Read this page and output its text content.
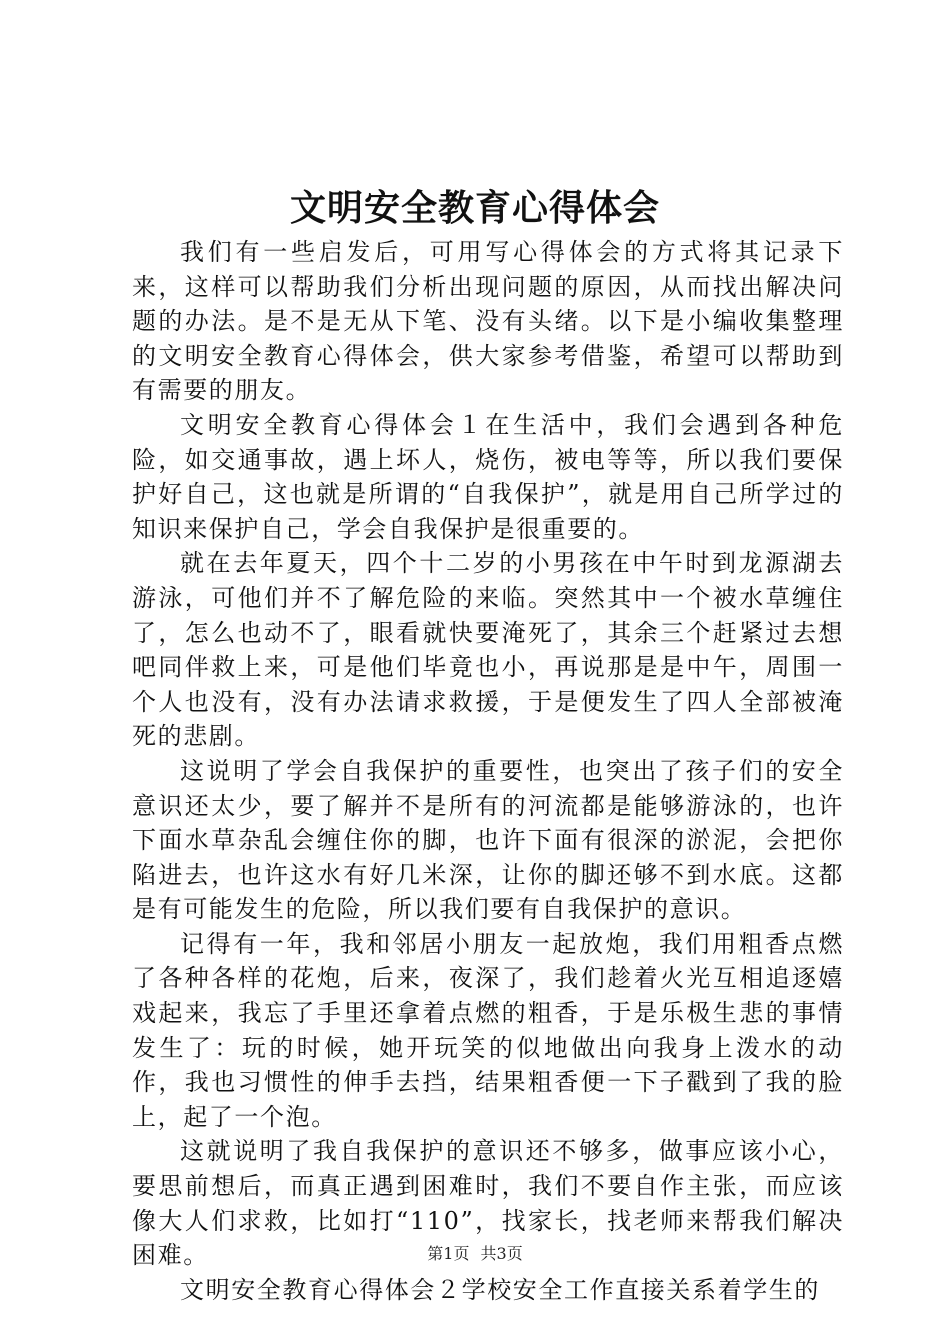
文明安全教育心得体会

我们有一些启发后，可用写心得体会的方式将其记录下来，这样可以帮助我们分析出现问题的原因，从而找出解决问题的办法。是不是无从下笔、没有头绪。以下是小编收集整理的文明安全教育心得体会，供大家参考借鉴，希望可以帮助到有需要的朋友。

文明安全教育心得体会１在生活中，我们会遇到各种危险，如交通事故，遇上坏人，烧伤，被电等等，所以我们要保护好自己，这也就是所谓的“自我保护”，就是用自己所学过的知识来保护自己，学会自我保护是很重要的。

就在去年夏天，四个十二岁的小男孩在中午时到龙源湖去游泳，可他们并不了解危险的来临。突然其中一个被水草缠住了，怎么也动不了，眼看就快要淹死了，其余三个赶紧过去想吧同伴救上来，可是他们毕竟也小，再说那是是中午，周围一个人也没有，没有办法请求救援，于是便发生了四人全部被淹死的悲剧。

这说明了学会自我保护的重要性，也突出了孩子们的安全意识还太少，要了解并不是所有的河流都是能够游泳的，也许下面水草杂乱会缠住你的脚，也许下面有很深的淤泥，会把你陷进去，也许这水有好几米深，让你的脚还够不到水底。这都是有可能发生的危险，所以我们要有自我保护的意识。

记得有一年，我和邻居小朋友一起放炮，我们用粗香点燃了各种各样的花炮，后来，夜深了，我们趁着火光互相追逐嬉戏起来，我忘了手里还拿着点燃的粗香，于是乐极生悲的事情发生了：玩的时候，她开玩笑的似地做出向我身上泼水的动作，我也习惯性的伸手去挡，结果粗香便一下子戳到了我的脸上，起了一个泡。

这就说明了我自我保护的意识还不够多，做事应该小心，要思前想后，而真正遇到困难时，我们不要自作主张，而应该像大人们求救，比如打“110”，找家长，找老师来帮我们解决困难。

文明安全教育心得体会２学校安全工作直接关系着学生的

第1页 共3页
